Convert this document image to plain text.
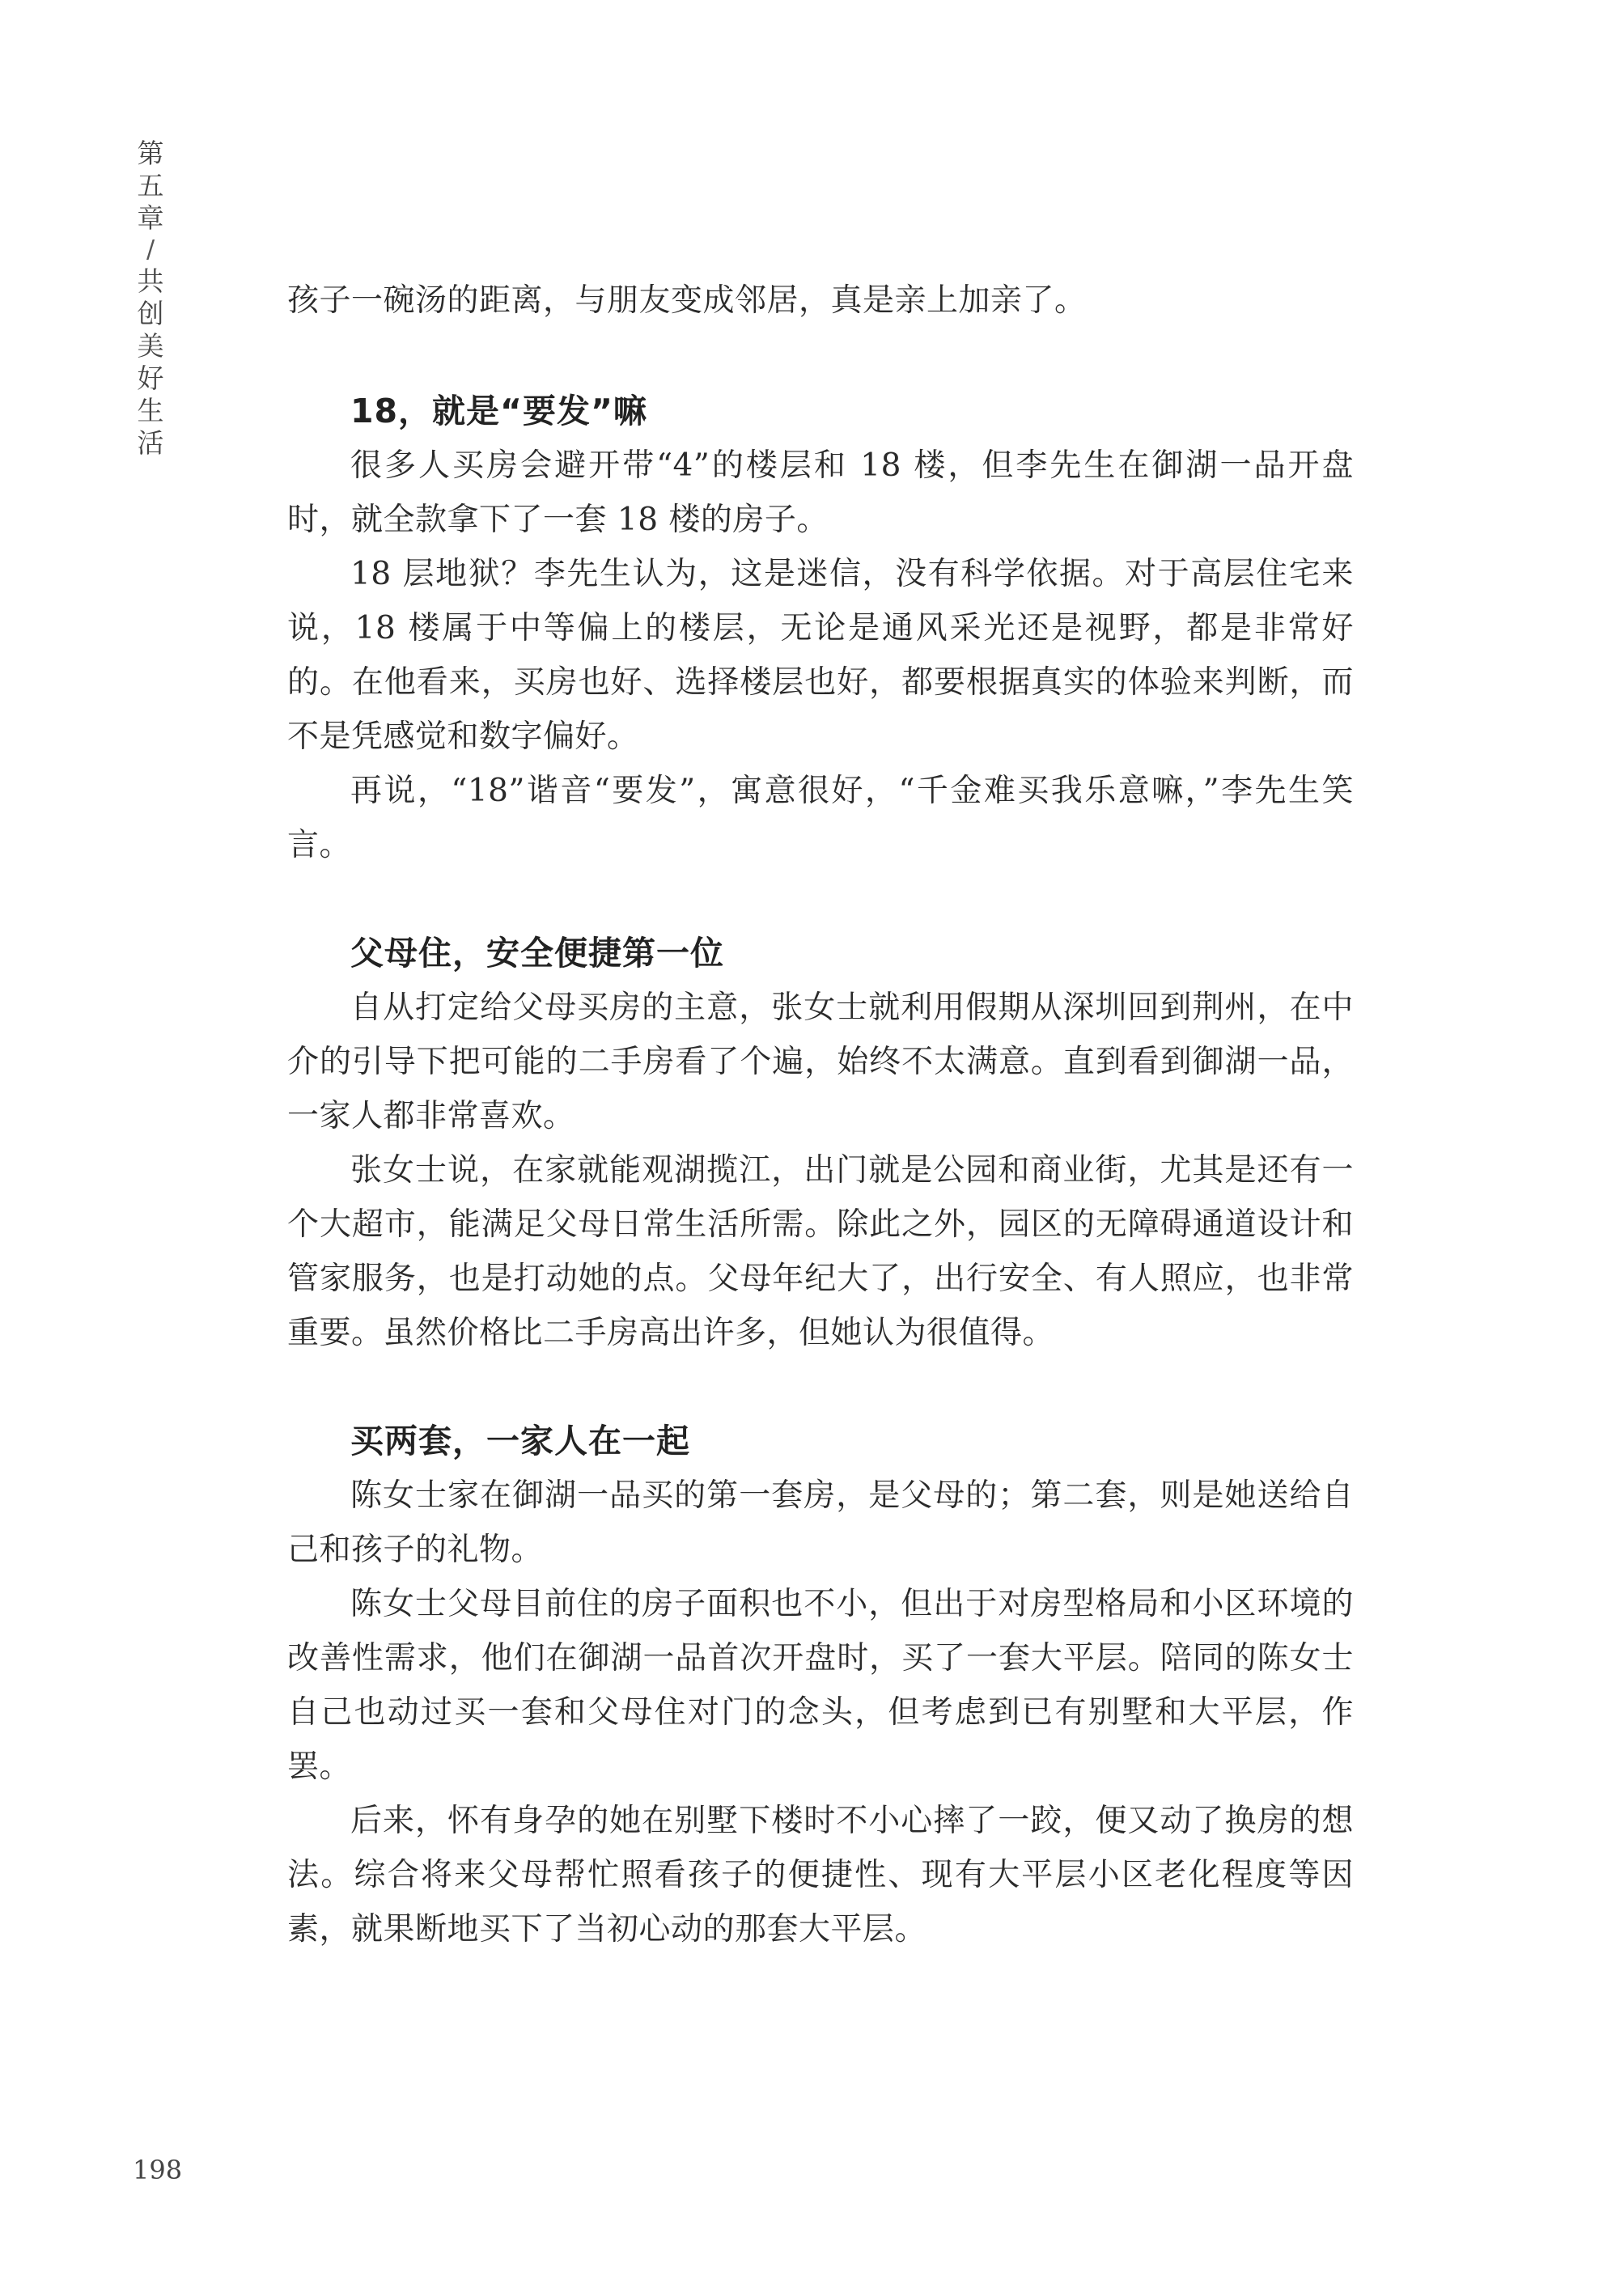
第五章
/
共创美好生活

孩子一碗汤的距离，与朋友变成邻居，真是亲上加亲了。

18，就是“要发”嘛

很多人买房会避开带“4”的楼层和 18 楼，但李先生在御湖一品开盘时，就全款拿下了一套 18 楼的房子。

18 层地狱？李先生认为，这是迷信，没有科学依据。对于高层住宅来说，18 楼属于中等偏上的楼层，无论是通风采光还是视野，都是非常好的。在他看来，买房也好、选择楼层也好，都要根据真实的体验来判断，而不是凭感觉和数字偏好。

再说，“18”谐音“要发”，寓意很好，“千金难买我乐意嘛，”李先生笑言。

父母住，安全便捷第一位

自从打定给父母买房的主意，张女士就利用假期从深圳回到荆州，在中介的引导下把可能的二手房看了个遍，始终不太满意。直到看到御湖一品，一家人都非常喜欢。

张女士说，在家就能观湖揽江，出门就是公园和商业街，尤其是还有一个大超市，能满足父母日常生活所需。除此之外，园区的无障碍通道设计和管家服务，也是打动她的点。父母年纪大了，出行安全、有人照应，也非常重要。虽然价格比二手房高出许多，但她认为很值得。

买两套，一家人在一起

陈女士家在御湖一品买的第一套房，是父母的；第二套，则是她送给自己和孩子的礼物。

陈女士父母目前住的房子面积也不小，但出于对房型格局和小区环境的改善性需求，他们在御湖一品首次开盘时，买了一套大平层。陪同的陈女士自己也动过买一套和父母住对门的念头，但考虑到已有别墅和大平层，作罢。

后来，怀有身孕的她在别墅下楼时不小心摔了一跤，便又动了换房的想法。综合将来父母帮忙照看孩子的便捷性、现有大平层小区老化程度等因素，就果断地买下了当初心动的那套大平层。

198
